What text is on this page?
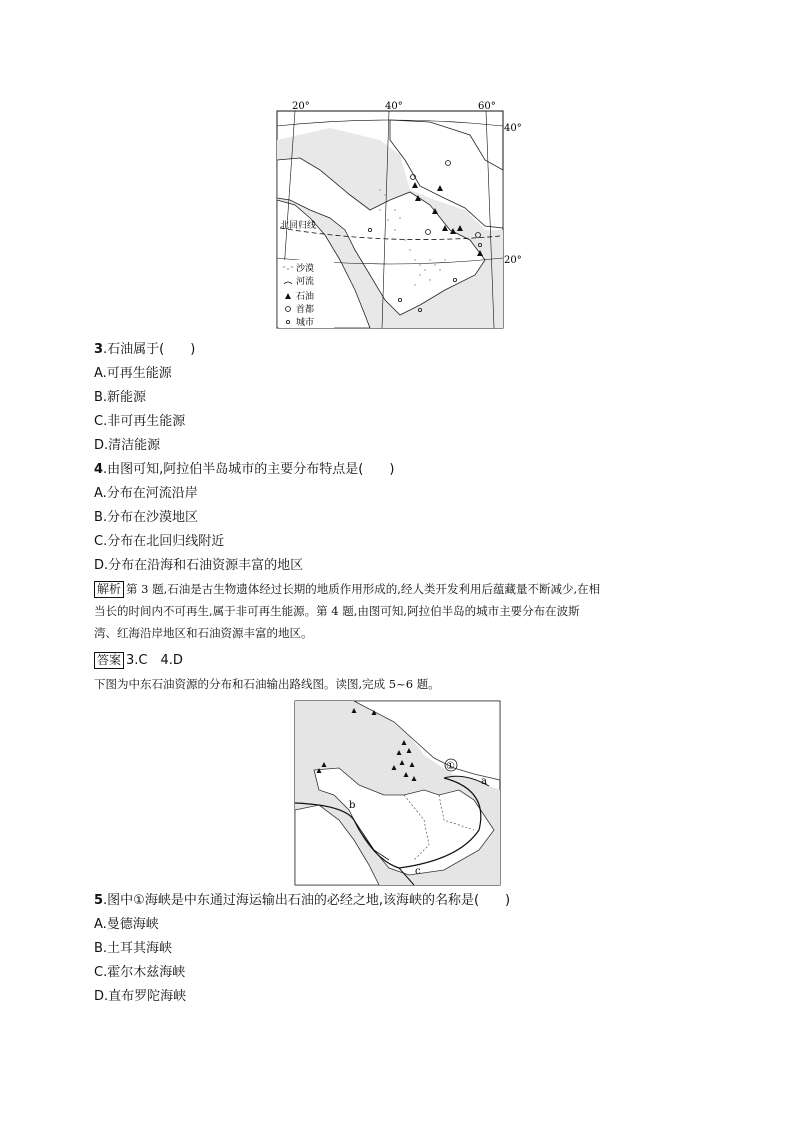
20°	40°	60°
40°
20°
北回归线
沙漠
河流
石油
首都
城市
3.石油属于(　　)
A.可再生能源
B.新能源
C.非可再生能源
D.清洁能源
4.由图可知,阿拉伯半岛城市的主要分布特点是(　　)
A.分布在河流沿岸
B.分布在沙漠地区
C.分布在北回归线附近
D.分布在沿海和石油资源丰富的地区
解析 第 3 题,石油是古生物遗体经过长期的地质作用形成的,经人类开发利用后蕴藏量不断减少,在相
当长的时间内不可再生,属于非可再生能源。第 4 题,由图可知,阿拉伯半岛的城市主要分布在波斯
湾、红海沿岸地区和石油资源丰富的地区。
答案 3.C　4.D
下图为中东石油资源的分布和石油输出路线图。读图,完成 5~6 题。
①
a
b
c
5.图中①海峡是中东通过海运输出石油的必经之地,该海峡的名称是(　　)
A.曼德海峡
B.土耳其海峡
C.霍尔木兹海峡
D.直布罗陀海峡
